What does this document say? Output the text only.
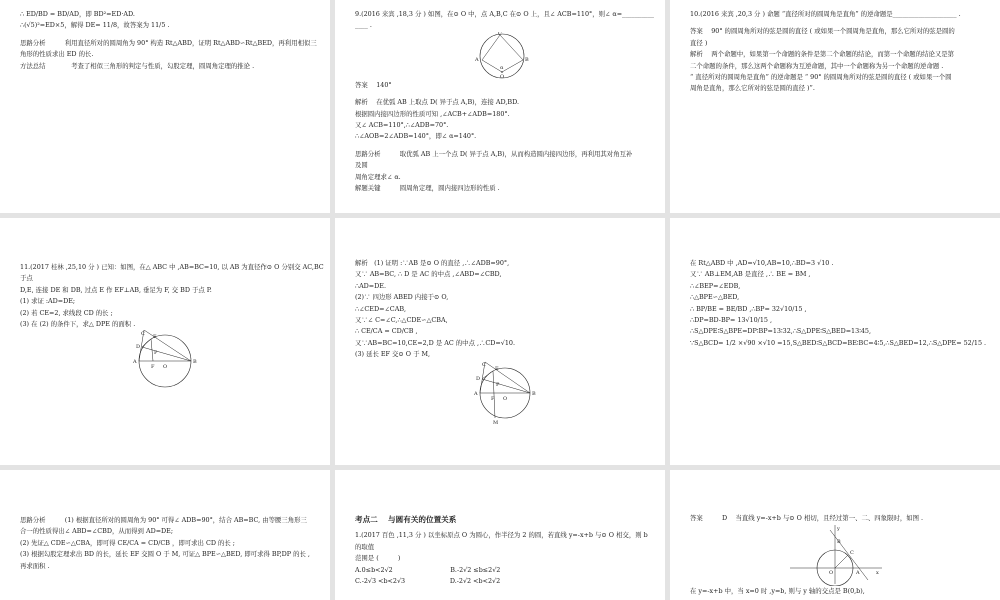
∴ ED/BD = BD/AD，即 BD²=ED·AD.
∴(√5)²=ED×5，解得 DE= 11/8，故答案为 11/5 .
思路分析　　　利用直径所对的圆周角为 90° 构造 Rt△ABD，证明 Rt△ABD∽Rt△BED，再利用相似三
角形的性质求出 ED 的长.
方法总结　　　　考查了相似三角形的判定与性质，勾股定理，圆周角定理的推论 .
9.(2016 来宾 ,18,3 分 ) 如图，在⊙ O 中，点 A,B,C 在⊙ O 上，且∠ ACB=110°，则∠ α=__________
____ .
C
A	B
α
O
答案　 140°
解析　 在优弧 AB 上取点 D( 异于点 A,B)，连接 AD,BD.
根据圆内接四边形的性质可知 ,∠ACB+∠ADB=180°.
又∠ ACB=110°,∴∠ADB=70°.
∴∠AOB=2∠ADB=140°，即∠ α=140°.
思路分析　　　取优弧 AB 上一个点 D( 异于点 A,B)，从而构造圆内接四边形，再利用其对角互补
及圆
周角定理求∠ α.
解题关键　　　圆周角定理，圆内接四边形的性质 .
10.(2016 来宾 ,20,3 分 ) 命题 “直径所对的圆周角是直角” 的逆命题是____________________ .
答案　 90° 的圆周角所对的弦是圆的直径 ( 或如果一个圆周角是直角，那么它所对的弦是圆的
直径 )
解析　 两个命题中，如果第一个命题的条件是第二个命题的结论，而第一个命题的结论又是第
二个命题的条件，那么这两个命题称为互逆命题，其中一个命题称为另一个命题的逆命题 .
“ 直径所对的圆周角是直角” 的逆命题是 “ 90° 的圆周角所对的弦是圆的直径 ( 或如果一个圆
周角是直角，那么它所对的弦是圆的直径 )”.
11.(2017 桂林 ,25,10 分 ) 已知：如图，在△ ABC 中 ,AB=BC=10, 以 AB 为直径作⊙ O 分别交 AC,BC
于点
D,E, 连接 DE 和 DB, 过点 E 作 EF⊥AB, 垂足为 F, 交 BD 于点 P.
(1) 求证 :AD=DE;
(2) 若 CE=2, 求线段 CD 的长 ;
(3) 在 (2) 的条件下，求△ DPE 的面积 .
C E
D
P
A
F O
B
解析　(1) 证明 :∵AB 是⊙ O 的直径 ,∴∠ADB=90°,
又∵ AB=BC, ∴ D 是 AC 的中点 ,∠ABD=∠CBD,
∴AD=DE.
(2)∵ 四边形 ABED 内接于⊙ O,
∴∠CED=∠CAB,
又∵∠ C=∠C,∴△CDE∽△CBA,
∴ CE/CA = CD/CB ,
又∵AB=BC=10,CE=2,D 是 AC 的中点 ,∴CD=√10.
(3) 延长 EF 交⊙ O 于 M,
C
E
D
P
A
F O
B
M
在 Rt△ABD 中 ,AD=√10,AB=10,∴BD=3 √10 .
又∵ AB⊥EM,AB 是直径 ,∴ BE = BM ,
∴∠BEP=∠EDB,
∴△BPE∽△BED,
∴ BP/BE = BE/BD ,∴BP= 32√10/15 ,
∴DP=BD-BP= 13√10/15 ,
∴S△DPE∶S△BPE=DP∶BP=13∶32,∴S△DPE∶S△BED=13∶45,
∵S△BCD= 1/2 ×√90 ×√10 =15,S△BED∶S△BCD=BE∶BC=4∶5,∴S△BED=12,∴S△DPE= 52/15 .
思路分析　　　(1) 根据直径所对的圆周角为 90° 可得∠ ADB=90°，结合 AB=BC, 由等腰三角形三
合一的性质得出∠ ABD=∠CBD，从而得到 AD=DE;
(2) 先证△ CDE∽△CBA，即可得 CE/CA = CD/CB ，即可求出 CD 的长 ;
(3) 根据勾股定理求出 BD 的长，延长 EF 交圆 O 于 M, 可证△ BPE∽△BED, 即可求得 BP,DP 的长 ,
再求面积 .
考点二　 与圆有关的位置关系
1.(2017 百色 ,11,3 分 ) 以坐标原点 O 为圆心，作半径为 2 的圆，若直线 y=-x+b 与⊙ O 相交，则 b
的取值
范围是 (　　　)
A.0≤b<2√2　　　　　　　　　B.-2√2 ≤b≤2√2
C.-2√3 <b<2√3　　　　　　　D.-2√2 <b<2√2
答案　　　D　 当直线 y=-x+b 与⊙ O 相切，且经过第一、二、四象限时，如图 .
y
B
C
O	A	x
在 y=-x+b 中，当 x=0 时 ,y=b, 则与 y 轴的交点是 B(0,b),
